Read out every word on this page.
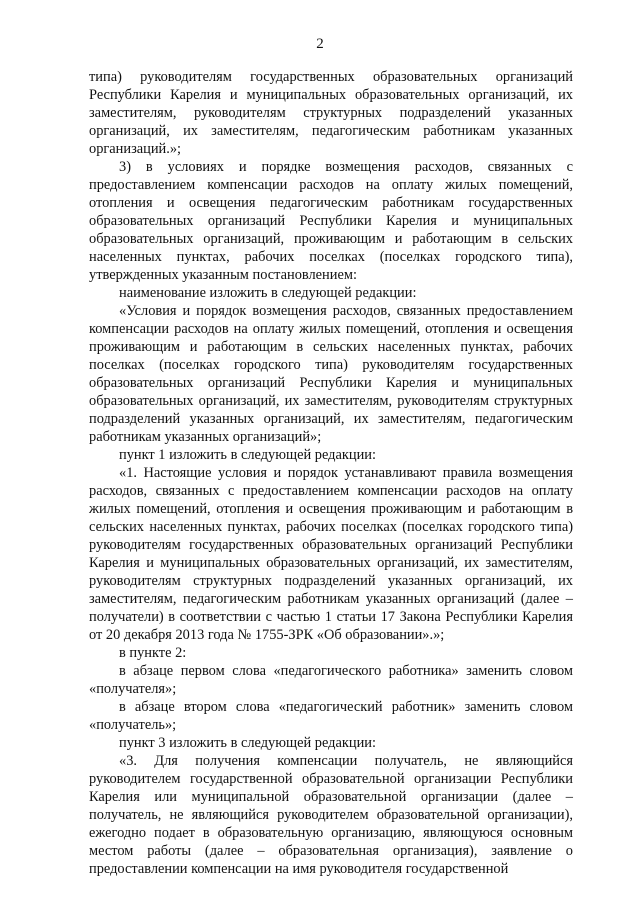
2

типа) руководителям государственных образовательных организаций Республики Карелия и муниципальных образовательных организаций, их заместителям, руководителям структурных подразделений указанных организаций, их заместителям, педагогическим работникам указанных организаций.»;

3) в условиях и порядке возмещения расходов, связанных с предоставлением компенсации расходов на оплату жилых помещений, отопления и освещения педагогическим работникам государственных образовательных организаций Республики Карелия и муниципальных образовательных организаций, проживающим и работающим в сельских населенных пунктах, рабочих поселках (поселках городского типа), утвержденных указанным постановлением:

наименование изложить в следующей редакции:

«Условия и порядок возмещения расходов, связанных предоставлением компенсации расходов на оплату жилых помещений, отопления и освещения проживающим и работающим в сельских населенных пунктах, рабочих поселках (поселках городского типа) руководителям государственных образовательных организаций Республики Карелия и муниципальных образовательных организаций, их заместителям, руководителям структурных подразделений указанных организаций, их заместителям, педагогическим работникам указанных организаций»;

пункт 1 изложить в следующей редакции:

«1. Настоящие условия и порядок устанавливают правила возмещения расходов, связанных с предоставлением компенсации расходов на оплату жилых помещений, отопления и освещения проживающим и работающим в сельских населенных пунктах, рабочих поселках (поселках городского типа) руководителям государственных образовательных организаций Республики Карелия и муниципальных образовательных организаций, их заместителям, руководителям структурных подразделений указанных организаций, их заместителям, педагогическим работникам указанных организаций (далее – получатели) в соответствии с частью 1 статьи 17 Закона Республики Карелия от 20 декабря 2013 года № 1755-ЗРК «Об образовании».»;

в пункте 2:

в абзаце первом слова «педагогического работника» заменить словом «получателя»;

в абзаце втором слова «педагогический работник» заменить словом «получатель»;

пункт 3 изложить в следующей редакции:

«3. Для получения компенсации получатель, не являющийся руководителем государственной образовательной организации Республики Карелия или муниципальной образовательной организации (далее – получатель, не являющийся руководителем образовательной организации), ежегодно подает в образовательную организацию, являющуюся основным местом работы (далее – образовательная организация), заявление о предоставлении компенсации на имя руководителя государственной
